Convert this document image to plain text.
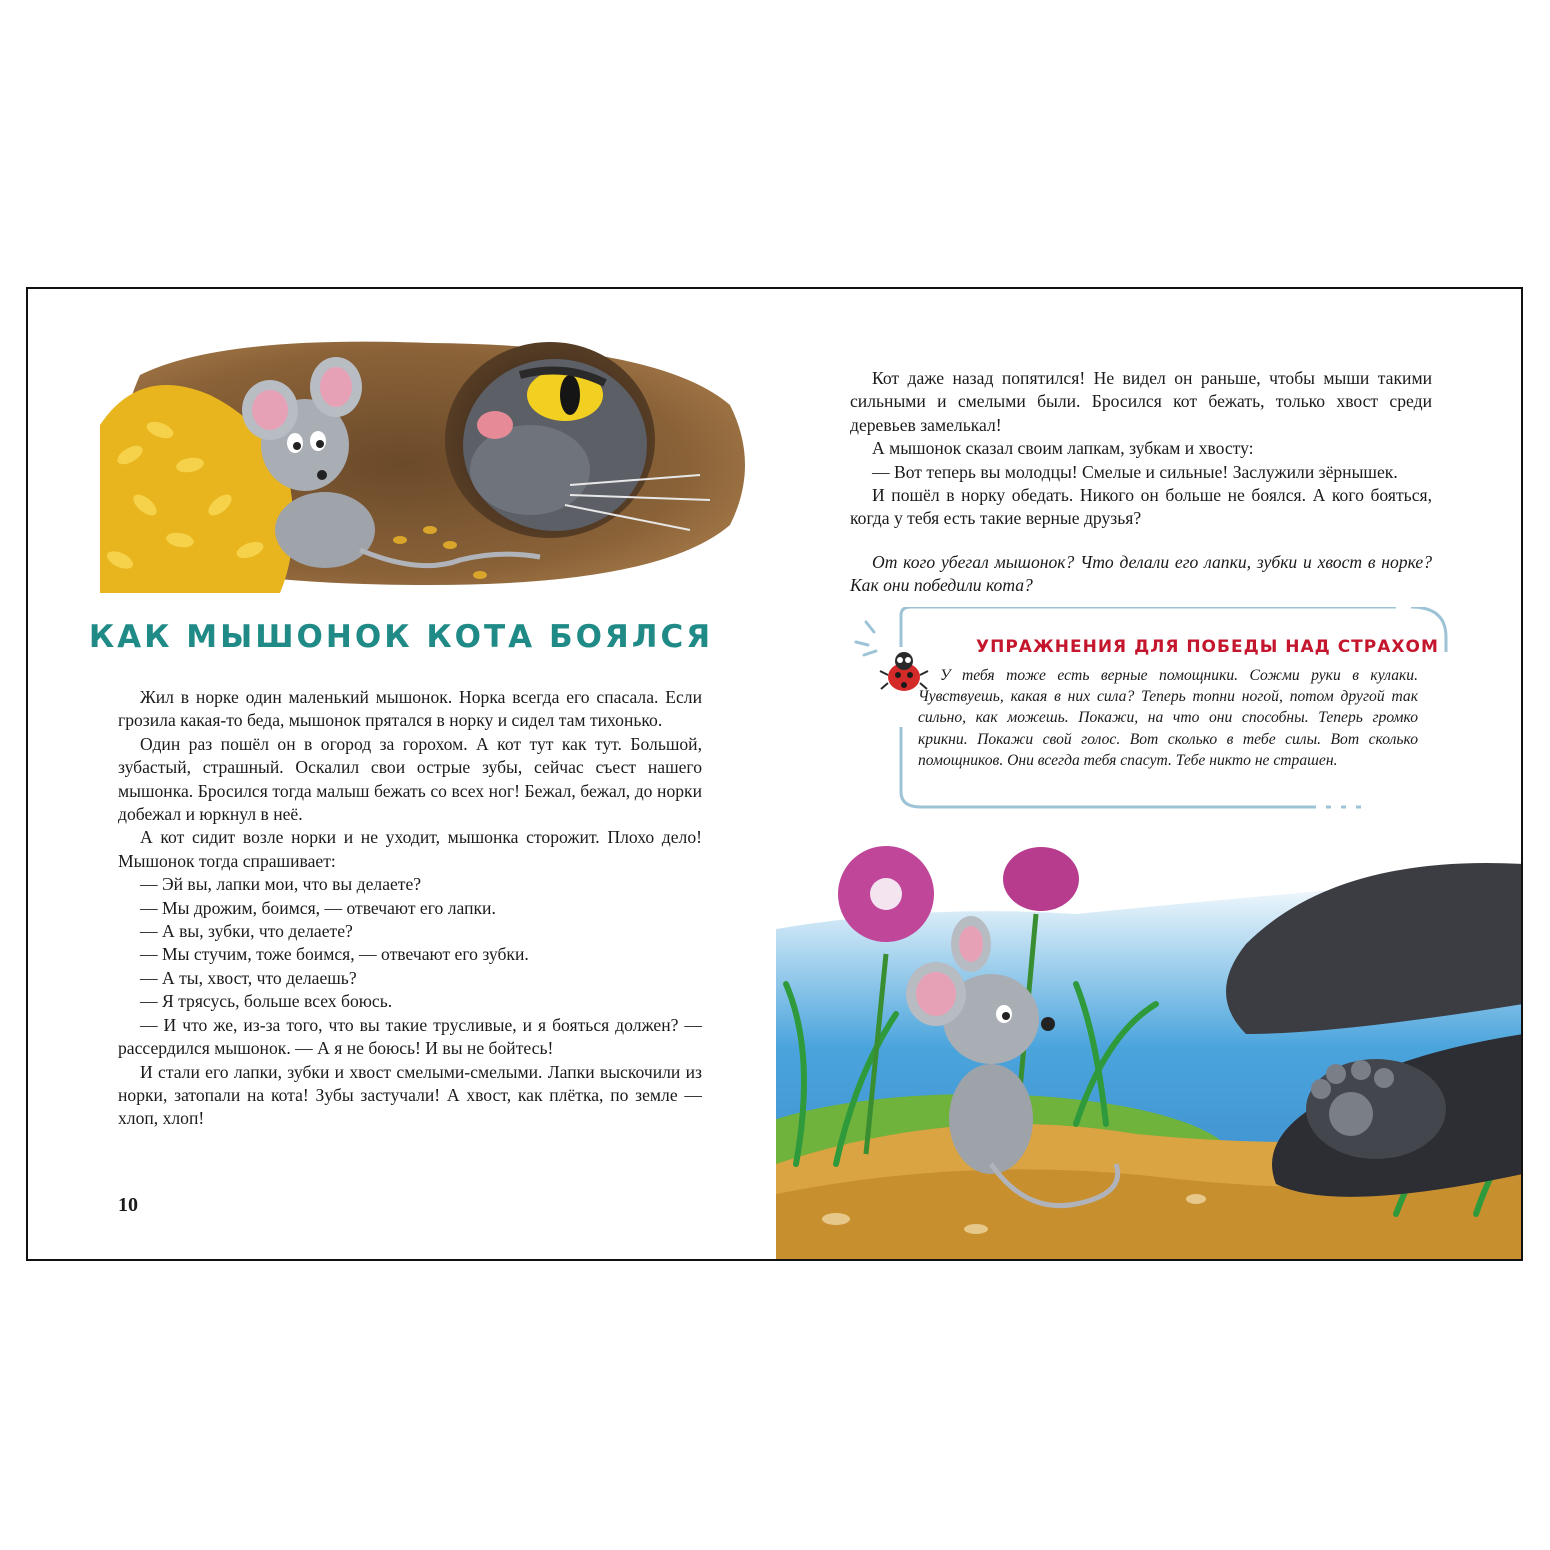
КАК МЫШОНОК КОТА БОЯЛСЯ

Жил в норке один маленький мышонок. Норка всегда его спасала. Если грозила какая-то беда, мышонок прятался в норку и сидел там тихонько.

Один раз пошёл он в огород за горохом. А кот тут как тут. Большой, зубастый, страшный. Оскалил свои острые зубы, сейчас съест нашего мышонка. Бросился тогда малыш бежать со всех ног! Бежал, бежал, до норки добежал и юркнул в неё.

А кот сидит возле норки и не уходит, мышонка сторожит. Плохо дело! Мышонок тогда спрашивает:

— Эй вы, лапки мои, что вы делаете?

— Мы дрожим, боимся, — отвечают его лапки.

— А вы, зубки, что делаете?

— Мы стучим, тоже боимся, — отвечают его зубки.

— А ты, хвост, что делаешь?

— Я трясусь, больше всех боюсь.

— И что же, из-за того, что вы такие трусливые, и я бояться должен? — рассердился мышонок. — А я не боюсь! И вы не бойтесь!

И стали его лапки, зубки и хвост смелыми-смелыми. Лапки выскочили из норки, затопали на кота! Зубы застучали! А хвост, как плётка, по земле — хлоп, хлоп!

10

Кот даже назад попятился! Не видел он раньше, чтобы мыши такими сильными и смелыми были. Бросился кот бежать, только хвост среди деревьев замелькал!

А мышонок сказал своим лапкам, зубкам и хвосту:

— Вот теперь вы молодцы! Смелые и сильные! Заслужили зёрнышек.

И пошёл в норку обедать. Никого он больше не боялся. А кого бояться, когда у тебя есть такие верные друзья?

От кого убегал мышонок? Что делали его лапки, зубки и хвост в норке? Как они победили кота?

УПРАЖНЕНИЯ ДЛЯ ПОБЕДЫ НАД СТРАХОМ

У тебя тоже есть верные помощники. Сожми руки в кулаки. Чувствуешь, какая в них сила? Теперь топни ногой, потом другой так сильно, как можешь. Покажи, на что они способны. Теперь громко крикни. Покажи свой голос. Вот сколько в тебе силы. Вот сколько помощников. Они всегда тебя спасут. Тебе никто не страшен.
